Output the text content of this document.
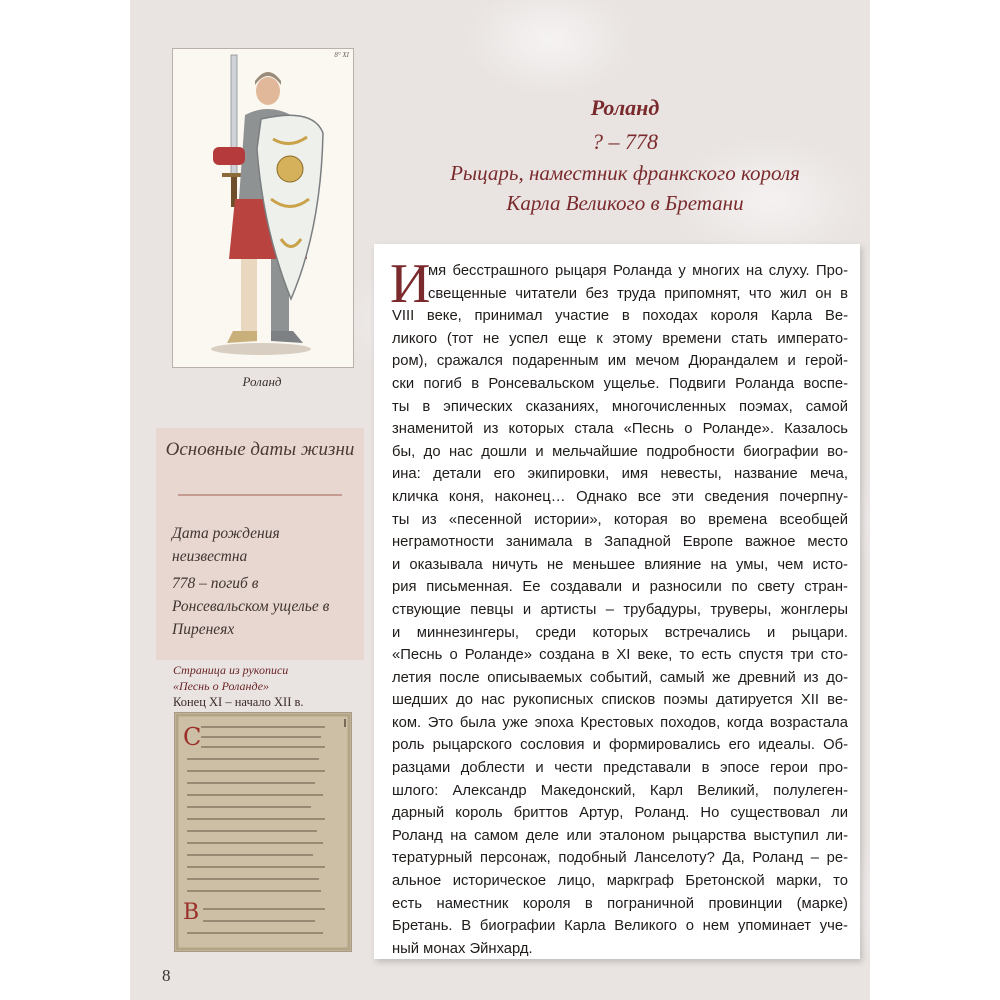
8° XI
Роланд
Основные даты жизни
Дата рождения неизвестна
778 – погиб в Ронсевальском ущелье в Пиренеях
Страница из рукописи
«Песнь о Роланде»
Конец XI – начало XII в.
C
B
8
Роланд
? – 778
Рыцарь, наместник франкского короля
Карла Великого в Бретани
И
мя бесстрашного рыцаря Роланда у многих на слуху. Про-
свещенные читатели без труда припомнят, что жил он в
VIII веке, принимал участие в походах короля Карла Ве-
ликого (тот не успел еще к этому времени стать императо-
ром), сражался подаренным им мечом Дюрандалем и герой-
ски погиб в Ронсевальском ущелье. Подвиги Роланда воспе-
ты в эпических сказаниях, многочисленных поэмах, самой
знаменитой из которых стала «Песнь о Роланде». Казалось
бы, до нас дошли и мельчайшие подробности биографии во-
ина: детали его экипировки, имя невесты, название меча,
кличка коня, наконец… Однако все эти сведения почерпну-
ты из «песенной истории», которая во времена всеобщей
неграмотности занимала в Западной Европе важное место
и оказывала ничуть не меньшее влияние на умы, чем исто-
рия письменная. Ее создавали и разносили по свету стран-
ствующие певцы и артисты – трубадуры, труверы, жонглеры
и миннезингеры, среди которых встречались и рыцари.
«Песнь о Роланде» создана в XI веке, то есть спустя три сто-
летия после описываемых событий, самый же древний из до-
шедших до нас рукописных списков поэмы датируется XII ве-
ком. Это была уже эпоха Крестовых походов, когда возрастала
роль рыцарского сословия и формировались его идеалы. Об-
разцами доблести и чести представали в эпосе герои про-
шлого: Александр Македонский, Карл Великий, полулеген-
дарный король бриттов Артур, Роланд. Но существовал ли
Роланд на самом деле или эталоном рыцарства выступил ли-
тературный персонаж, подобный Ланселоту? Да, Роланд – ре-
альное историческое лицо, маркграф Бретонской марки, то
есть наместник короля в пограничной провинции (марке)
Бретань. В биографии Карла Великого о нем упоминает уче-
ный монах Эйнхард.
